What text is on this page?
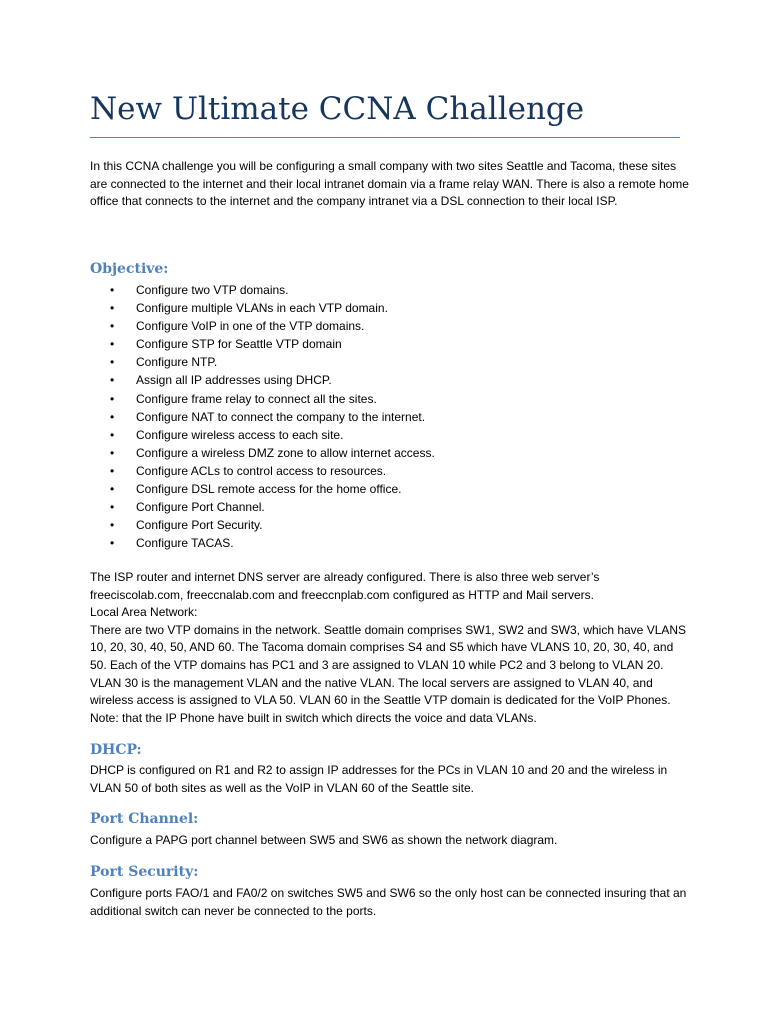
New Ultimate CCNA Challenge

In this CCNA challenge you will be configuring a small company with two sites Seattle and Tacoma, these sites are connected to the internet and their local intranet domain via a frame relay WAN. There is also a remote home office that connects to the internet and the company intranet via a DSL connection to their local ISP.

Objective:
• Configure two VTP domains.
• Configure multiple VLANs in each VTP domain.
• Configure VoIP in one of the VTP domains.
• Configure STP for Seattle VTP domain
• Configure NTP.
• Assign all IP addresses using DHCP.
• Configure frame relay to connect all the sites.
• Configure NAT to connect the company to the internet.
• Configure wireless access to each site.
• Configure a wireless DMZ zone to allow internet access.
• Configure ACLs to control access to resources.
• Configure DSL remote access for the home office.
• Configure Port Channel.
• Configure Port Security.
• Configure TACAS.

The ISP router and internet DNS server are already configured. There is also three web server’s freeciscolab.com, freeccnalab.com and freeccnplab.com configured as HTTP and Mail servers.

Local Area Network:

There are two VTP domains in the network. Seattle domain comprises SW1, SW2 and SW3, which have VLANS 10, 20, 30, 40, 50, AND 60. The Tacoma domain comprises S4 and S5 which have VLANS 10, 20, 30, 40, and 50. Each of the VTP domains has PC1 and 3 are assigned to VLAN 10 while PC2 and 3 belong to VLAN 20. VLAN 30 is the management VLAN and the native VLAN. The local servers are assigned to VLAN 40, and wireless access is assigned to VLA 50. VLAN 60 in the Seattle VTP domain is dedicated for the VoIP Phones. Note: that the IP Phone have built in switch which directs the voice and data VLANs.

DHCP:

DHCP is configured on R1 and R2 to assign IP addresses for the PCs in VLAN 10 and 20 and the wireless in VLAN 50 of both sites as well as the VoIP in VLAN 60 of the Seattle site.

Port Channel:

Configure a PAPG port channel between SW5 and SW6 as shown the network diagram.

Port Security:

Configure ports FAO/1 and FA0/2 on switches SW5 and SW6 so the only host can be connected insuring that an additional switch can never be connected to the ports.
